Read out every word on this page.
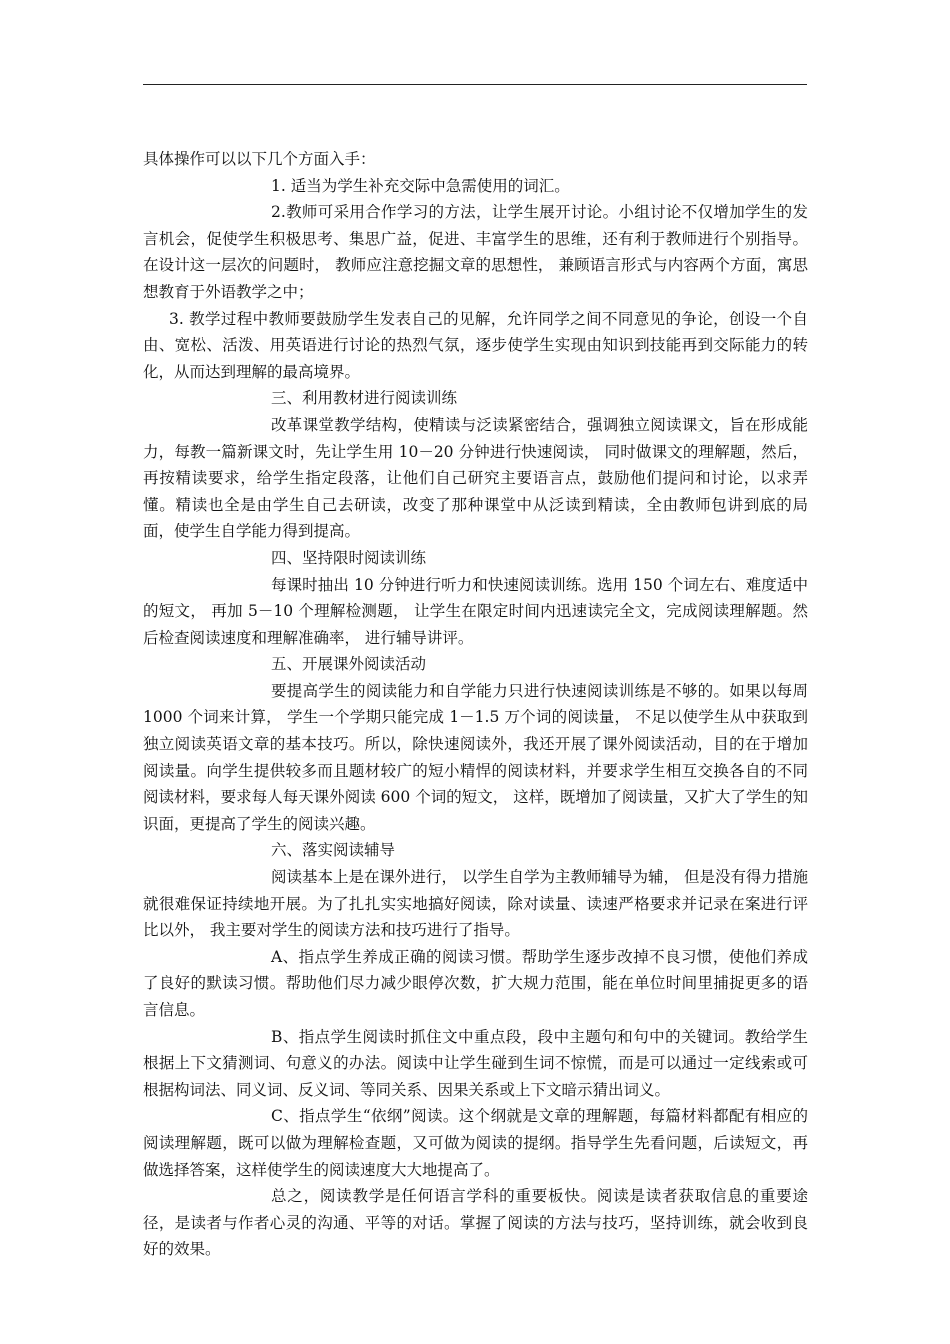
具体操作可以以下几个方面入手：

1. 适当为学生补充交际中急需使用的词汇。

2.教师可采用合作学习的方法，让学生展开讨论。小组讨论不仅增加学生的发言机会，促使学生积极思考、集思广益，促进、丰富学生的思维，还有利于教师进行个别指导。在设计这一层次的问题时， 教师应注意挖掘文章的思想性， 兼顾语言形式与内容两个方面，寓思想教育于外语教学之中；

3. 教学过程中教师要鼓励学生发表自己的见解，允许同学之间不同意见的争论，创设一个自由、宽松、活泼、用英语进行讨论的热烈气氛，逐步使学生实现由知识到技能再到交际能力的转化，从而达到理解的最高境界。

三、利用教材进行阅读训练

改革课堂教学结构，使精读与泛读紧密结合，强调独立阅读课文，旨在形成能力，每教一篇新课文时，先让学生用 10－20 分钟进行快速阅读， 同时做课文的理解题，然后，再按精读要求，给学生指定段落，让他们自己研究主要语言点，鼓励他们提问和讨论，以求弄懂。精读也全是由学生自己去研读，改变了那种课堂中从泛读到精读，全由教师包讲到底的局面，使学生自学能力得到提高。

四、坚持限时阅读训练

每课时抽出 10 分钟进行听力和快速阅读训练。选用 150 个词左右、难度适中的短文， 再加 5－10 个理解检测题， 让学生在限定时间内迅速读完全文，完成阅读理解题。然后检查阅读速度和理解准确率， 进行辅导讲评。

五、开展课外阅读活动

要提高学生的阅读能力和自学能力只进行快速阅读训练是不够的。如果以每周 1000 个词来计算， 学生一个学期只能完成 1－1.5 万个词的阅读量， 不足以使学生从中获取到独立阅读英语文章的基本技巧。所以，除快速阅读外，我还开展了课外阅读活动，目的在于增加阅读量。向学生提供较多而且题材较广的短小精悍的阅读材料，并要求学生相互交换各自的不同阅读材料，要求每人每天课外阅读 600 个词的短文， 这样，既增加了阅读量，又扩大了学生的知识面，更提高了学生的阅读兴趣。

六、落实阅读辅导

阅读基本上是在课外进行， 以学生自学为主教师辅导为辅， 但是没有得力措施就很难保证持续地开展。为了扎扎实实地搞好阅读，除对读量、读速严格要求并记录在案进行评比以外， 我主要对学生的阅读方法和技巧进行了指导。

A、指点学生养成正确的阅读习惯。帮助学生逐步改掉不良习惯，使他们养成了良好的默读习惯。帮助他们尽力减少眼停次数，扩大规力范围，能在单位时间里捕捉更多的语言信息。

B、指点学生阅读时抓住文中重点段，段中主题句和句中的关键词。教给学生根据上下文猜测词、句意义的办法。阅读中让学生碰到生词不惊慌，而是可以通过一定线索或可根据构词法、同义词、反义词、等同关系、因果关系或上下文暗示猜出词义。

C、指点学生“依纲”阅读。这个纲就是文章的理解题，每篇材料都配有相应的阅读理解题，既可以做为理解检查题，又可做为阅读的提纲。指导学生先看问题，后读短文，再做选择答案，这样使学生的阅读速度大大地提高了。

总之，阅读教学是任何语言学科的重要板快。阅读是读者获取信息的重要途径，是读者与作者心灵的沟通、平等的对话。掌握了阅读的方法与技巧，坚持训练，就会收到良好的效果。
